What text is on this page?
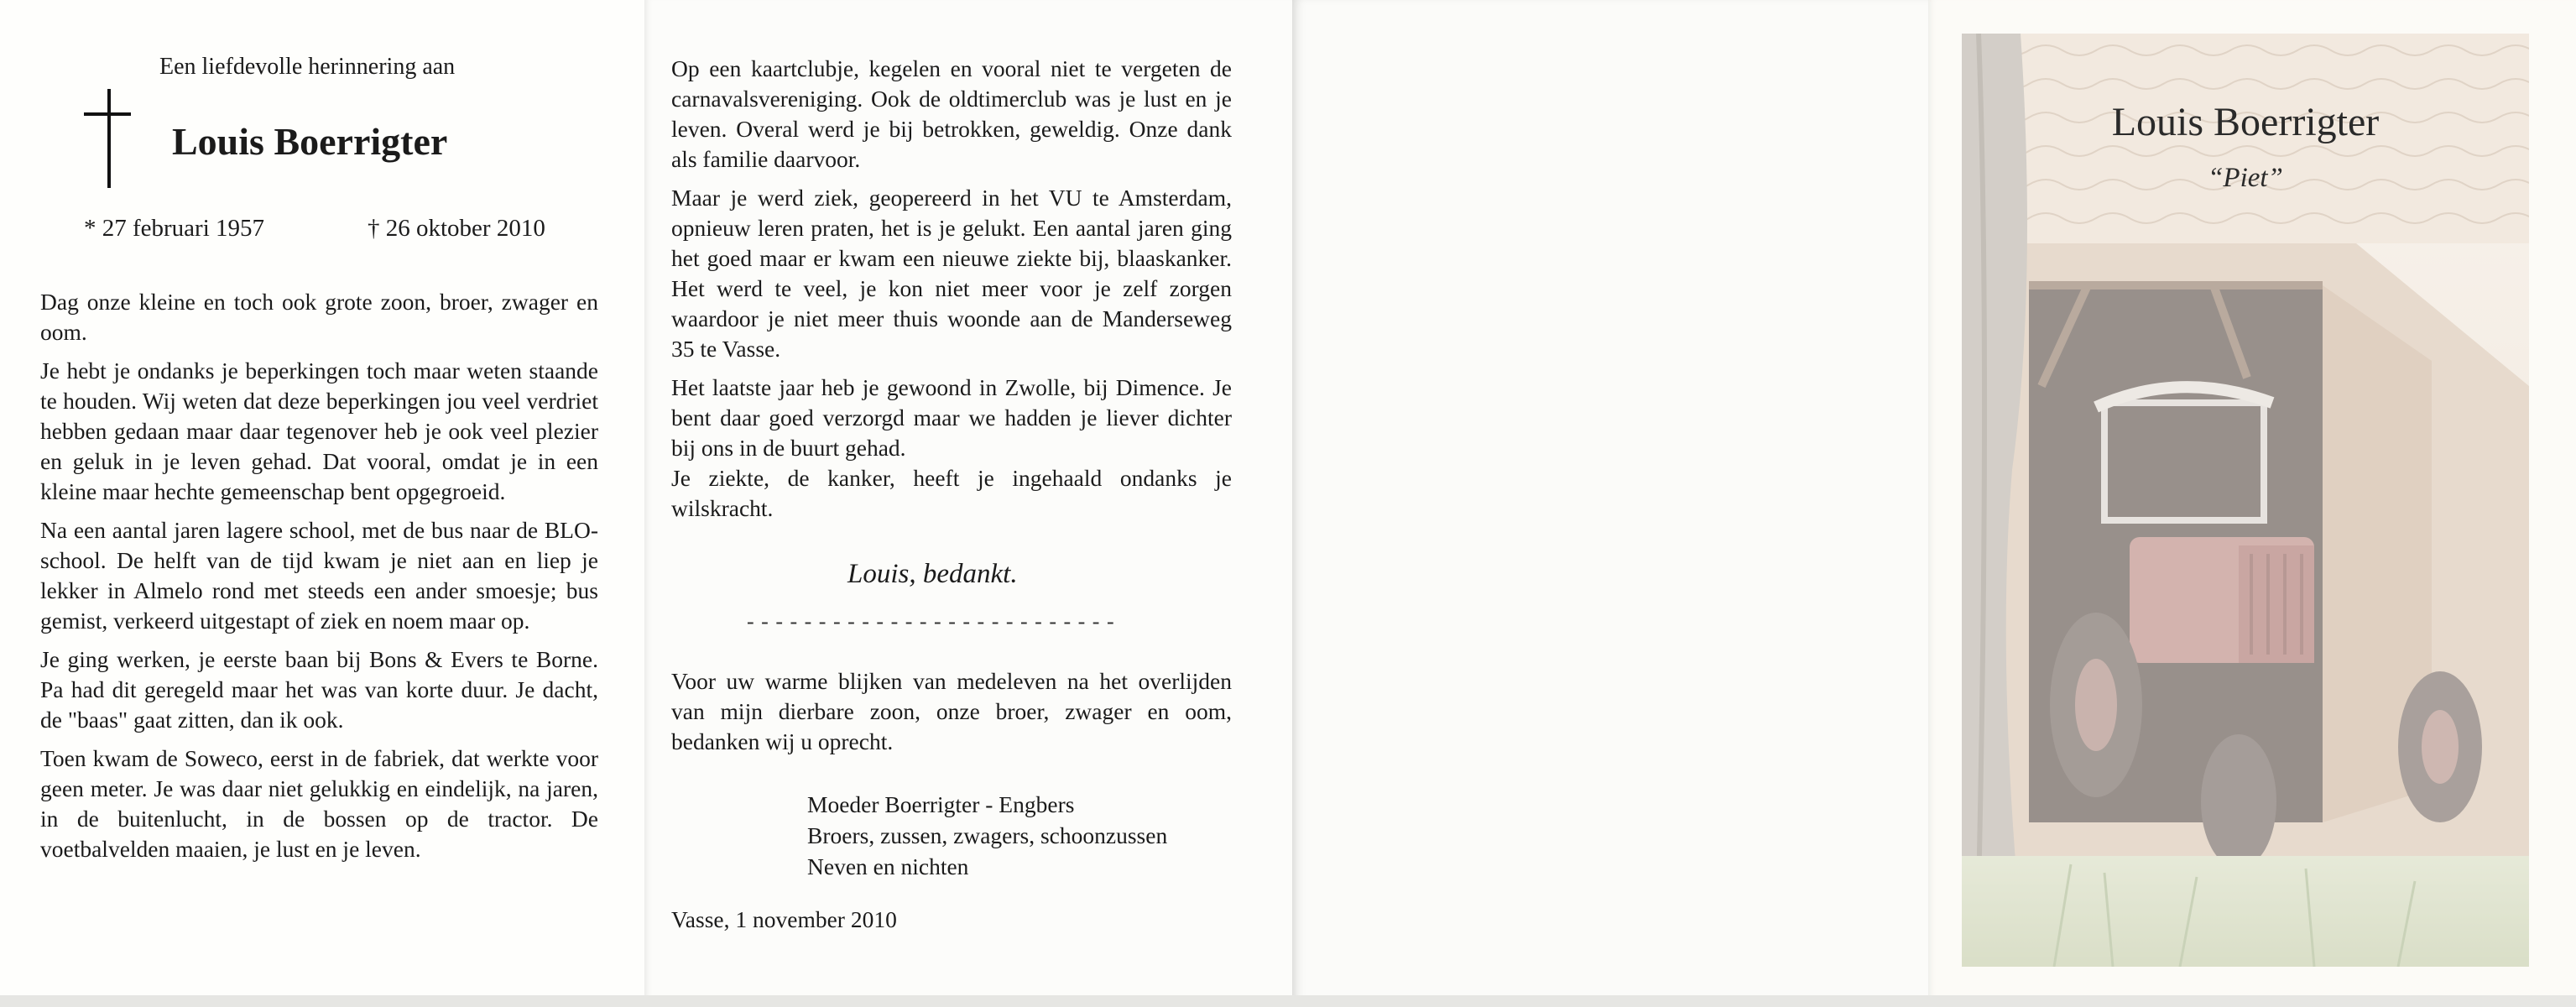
Een liefdevolle herinnering aan
Louis Boerrigter
* 27 februari 1957	† 26 oktober 2010

Dag onze kleine en toch ook grote zoon, broer, zwager en oom.

Je hebt je ondanks je beperkingen toch maar weten staande te houden. Wij weten dat deze beperkingen jou veel verdriet hebben gedaan maar daar tegenover heb je ook veel plezier en geluk in je leven gehad. Dat vooral, omdat je in een kleine maar hechte gemeenschap bent opgegroeid.

Na een aantal jaren lagere school, met de bus naar de BLO-school. De helft van de tijd kwam je niet aan en liep je lekker in Almelo rond met steeds een ander smoesje; bus gemist, verkeerd uitgestapt of ziek en noem maar op.

Je ging werken, je eerste baan bij Bons & Evers te Borne. Pa had dit geregeld maar het was van korte duur. Je dacht, de "baas" gaat zitten, dan ik ook.

Toen kwam de Soweco, eerst in de fabriek, dat werkte voor geen meter. Je was daar niet gelukkig en eindelijk, na jaren, in de buitenlucht, in de bossen op de tractor. De voetbalvelden maaien, je lust en je leven.

Op een kaartclubje, kegelen en vooral niet te vergeten de carnavalsvereniging. Ook de oldtimerclub was je lust en je leven. Overal werd je bij betrokken, geweldig. Onze dank als familie daarvoor.

Maar je werd ziek, geopereerd in het VU te Amsterdam, opnieuw leren praten, het is je gelukt. Een aantal jaren ging het goed maar er kwam een nieuwe ziekte bij, blaaskanker. Het werd te veel, je kon niet meer voor je zelf zorgen waardoor je niet meer thuis woonde aan de Manderseweg 35 te Vasse.

Het laatste jaar heb je gewoond in Zwolle, bij Dimence. Je bent daar goed verzorgd maar we hadden je liever dichter bij ons in de buurt gehad.
Je ziekte, de kanker, heeft je ingehaald ondanks je wilskracht.

Louis, bedankt.
- - - - - - - - - - - - - - - - - - - - - - - - - -
Voor uw warme blijken van medeleven na het overlijden van mijn dierbare zoon, onze broer, zwager en oom, bedanken wij u oprecht.
Moeder Boerrigter - Engbers
Broers, zussen, zwagers, schoonzussen
Neven en nichten
Vasse, 1 november 2010
Louis Boerrigter
“Piet”
